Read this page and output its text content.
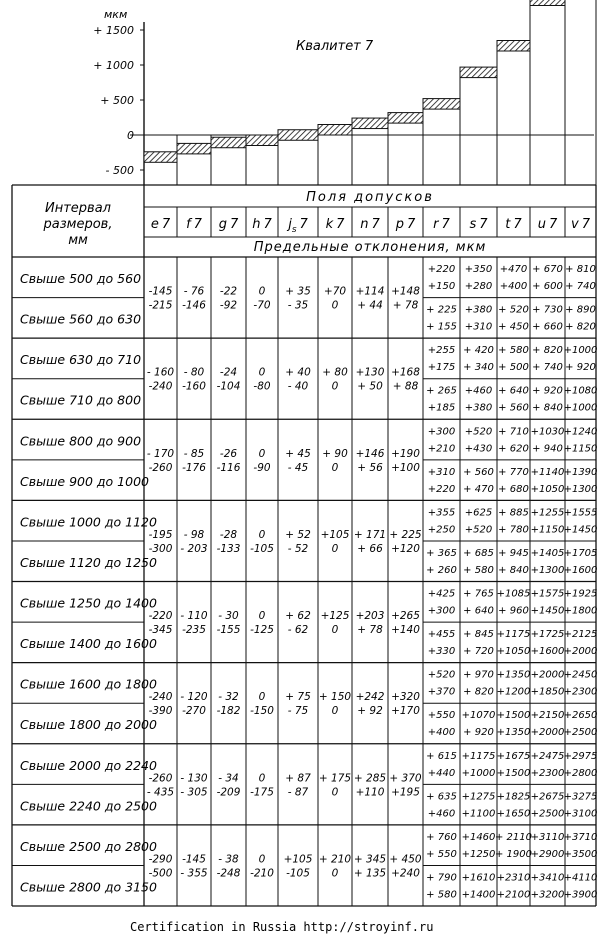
мкм
+ 1500
+ 1000
+ 500
0
- 500
Квалитет 7
Поля допусков
Предельные отклонения, мкм
Интервал размеров, мм
e 7 f 7 g 7 h 7 $j_s$ 7 k 7 n 7 p 7 r 7 s 7 t 7 u 7 v 7
Свыше 500 до 560
Свыше 560 до 630
-145
-215
- 76
-146
-22
-92
0
-70
+ 35
- 35
+70
0
+114
+ 44
+148
+ 78
+220
+150
+350
+280
+470
+400
+ 670
+ 600
+ 810
+ 740
+ 225
+ 155
+380
+310
+ 520
+ 450
+ 730
+ 660
+ 890
+ 820
Свыше 630 до 710
Свыше 710 до 800
- 160
-240
- 80
-160
-24
-104
0
-80
+ 40
- 40
+ 80
0
+130
+ 50
+168
+ 88
+255
+175
+ 420
+ 340
+ 580
+ 500
+ 820
+ 740
+1000
+ 920
+ 265
+185
+460
+380
+ 640
+ 560
+ 920
+ 840
+1080
+1000
Свыше 800 до 900
Свыше 900 до 1000
- 170
-260
- 85
-176
-26
-116
0
-90
+ 45
- 45
+ 90
0
+146
+ 56
+190
+100
+300
+210
+520
+430
+ 710
+ 620
+1030
+ 940
+1240
+1150
+310
+220
+ 560
+ 470
+ 770
+ 680
+1140
+1050
+1390
+1300
Свыше 1000 до 1120
Свыше 1120 до 1250
-195
-300
- 98
- 203
-28
-133
0
-105
+ 52
- 52
+105
0
+ 171
+ 66
+ 225
+120
+355
+250
+625
+520
+ 885
+ 780
+1255
+1150
+1555
+1450
+ 365
+ 260
+ 685
+ 580
+ 945
+ 840
+1405
+1300
+1705
+1600
Свыше 1250 до 1400
Свыше 1400 до 1600
-220
-345
- 110
-235
- 30
-155
0
-125
+ 62
- 62
+125
0
+203
+ 78
+265
+140
+425
+300
+ 765
+ 640
+1085
+ 960
+1575
+1450
+1925
+1800
+455
+330
+ 845
+ 720
+1175
+1050
+1725
+1600
+2125
+2000
Свыше 1600 до 1800
Свыше 1800 до 2000
-240
-390
- 120
-270
- 32
-182
0
-150
+ 75
- 75
+ 150
0
+242
+ 92
+320
+170
+520
+370
+ 970
+ 820
+1350
+1200
+2000
+1850
+2450
+2300
+550
+400
+1070
+ 920
+1500
+1350
+2150
+2000
+2650
+2500
Свыше 2000 до 2240
Свыше 2240 до 2500
-260
- 435
- 130
- 305
- 34
-209
0
-175
+ 87
- 87
+ 175
0
+ 285
+110
+ 370
+195
+ 615
+440
+1175
+1000
+1675
+1500
+2475
+2300
+2975
+2800
+ 635
+460
+1275
+1100
+1825
+1650
+2675
+2500
+3275
+3100
Свыше 2500 до 2800
Свыше 2800 до 3150
-290
-500
-145
- 355
- 38
-248
0
-210
+105
-105
+ 210
0
+ 345
+ 135
+ 450
+240
+ 760
+ 550
+1460
+1250
+ 2110
+ 1900
+3110
+2900
+3710
+3500
+ 790
+ 580
+1610
+1400
+2310
+2100
+3410
+3200
+4110
+3900
Certification in Russia http://stroyinf.ru
